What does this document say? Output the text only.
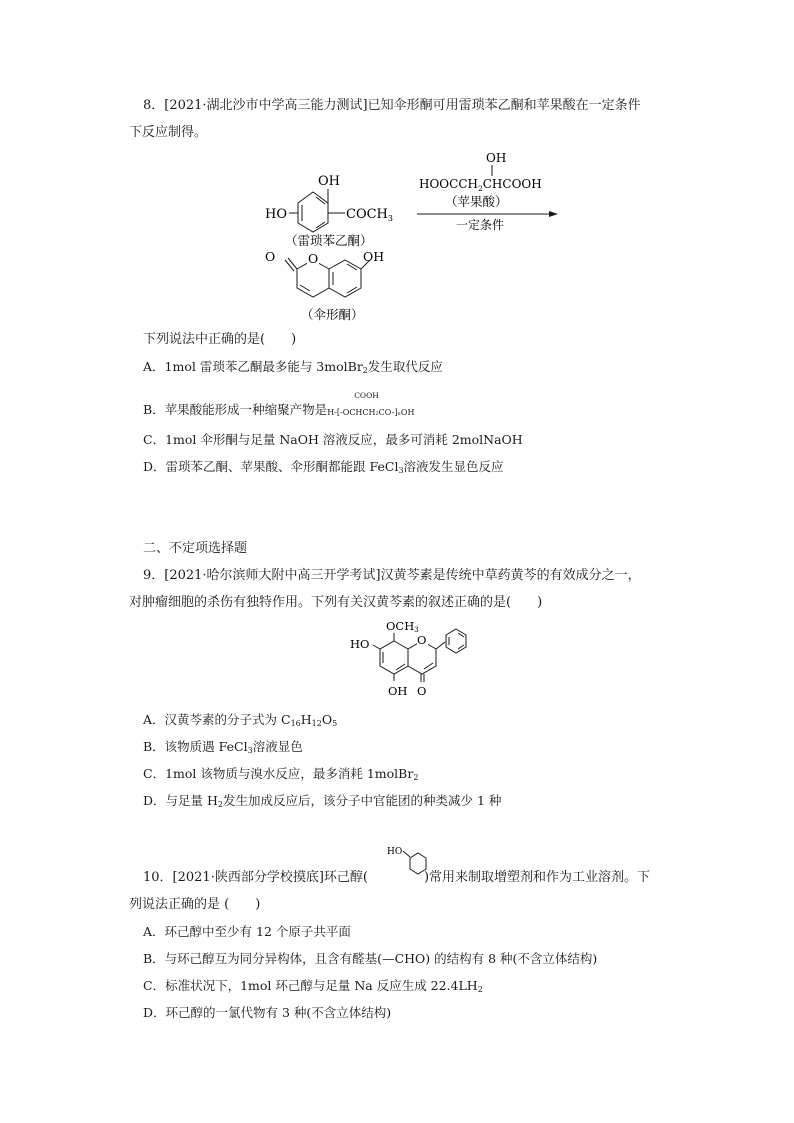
8．[2021·湖北沙市中学高三能力测试]已知伞形酮可用雷琐苯乙酮和苹果酸在一定条件
下反应制得。
OH
HO	$COCH_3$
（雷琐苯乙酮）
OH
$HOOCCH_2CHCOOH$
（苹果酸）
一定条件
O
O	OH
（伞形酮）
下列说法中正确的是(　　)
A．1mol 雷琐苯乙酮最多能与 3molBr$_2$发生取代反应
B．苹果酸能形成一种缩聚产物是
COOH
H-[-OCHCH₂CO-]ₙOH
C．1mol 伞形酮与足量 NaOH 溶液反应，最多可消耗 2molNaOH
D．雷琐苯乙酮、苹果酸、伞形酮都能跟 FeCl$_3$溶液发生显色反应
二、不定项选择题
9．[2021·哈尔滨师大附中高三开学考试]汉黄芩素是传统中草药黄芩的有效成分之一，
对肿瘤细胞的杀伤有独特作用。下列有关汉黄芩素的叙述正确的是(　　)
O
OCH3
HO
OH O
A．汉黄芩素的分子式为 $C_{16}H_{12}O_5$
B．该物质遇 FeCl$_3$溶液显色
C．1mol 该物质与溴水反应，最多消耗 1molBr$_2$
D．与足量 $H_2$发生加成反应后，该分子中官能团的种类减少 1 种
HO
10．[2021·陕西部分学校摸底]环己醇(	)常用来制取增塑剂和作为工业溶剂。下
列说法正确的是 (　　)
A．环己醇中至少有 12 个原子共平面
B．与环己醇互为同分异构体，且含有醛基(—CHO) 的结构有 8 种(不含立体结构)
C．标准状况下，1mol 环己醇与足量 Na 反应生成 $22.4LH_2$
D．环己醇的一氯代物有 3 种(不含立体结构)
